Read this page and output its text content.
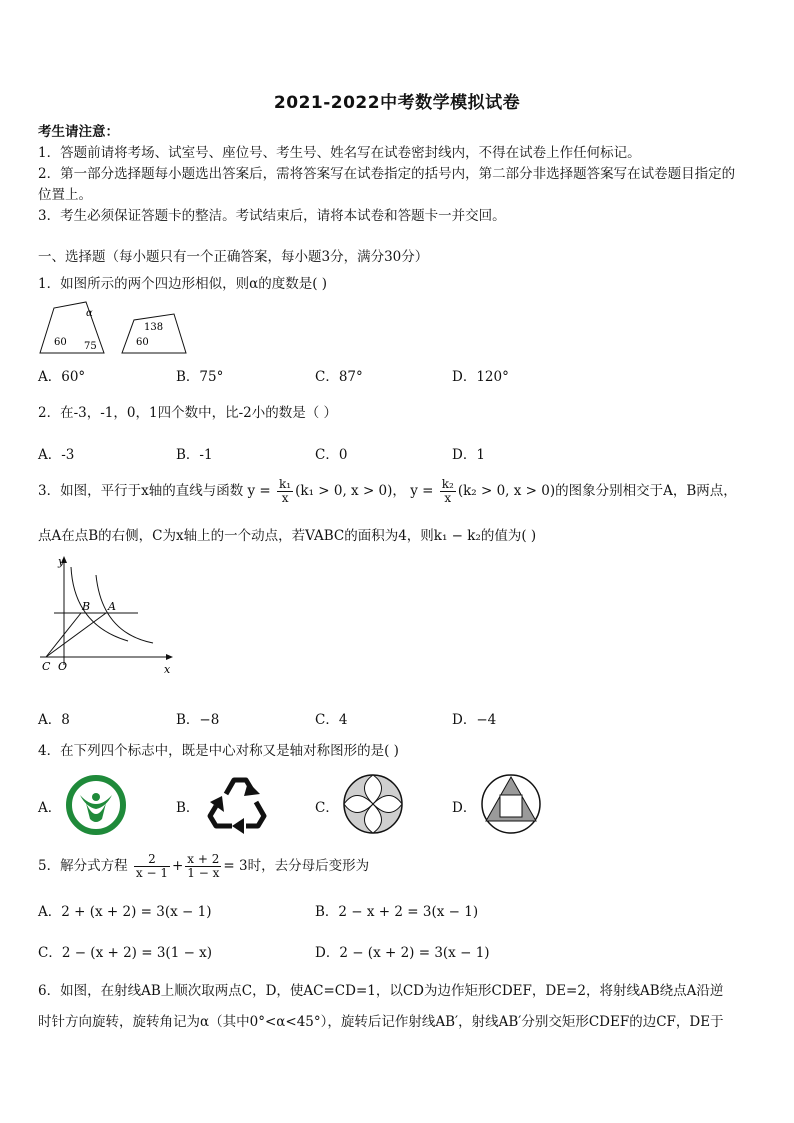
2021-2022中考数学模拟试卷
考生请注意：
1．答题前请将考场、试室号、座位号、考生号、姓名写在试卷密封线内，不得在试卷上作任何标记。
2．第一部分选择题每小题选出答案后，需将答案写在试卷指定的括号内，第二部分非选择题答案写在试卷题目指定的
位置上。
3．考生必须保证答题卡的整洁。考试结束后，请将本试卷和答题卡一并交回。
一、选择题（每小题只有一个正确答案，每小题3分，满分30分）
1．如图所示的两个四边形相似，则α的度数是( )
α
60 75
138
60
A．60°	B．75°	C．87°	D．120°
2．在-3，-1，0，1四个数中，比-2小的数是（ ）
A．-3	B．-1	C．0	D．1
3．如图，平行于x轴的直线与函数 $y = \frac{\text{k₁}}{x} (k_1 > 0$, x > 0)， $y = \frac{\text{k₂}}{x} (k_2 > 0$, x > 0)的图象分别相交于A，B两点，
点A在点B的右侧，C为x轴上的一个动点，若VABC的面积为4，则k₁ − k₂的值为( )
y
B A
C O	x
A．8	B．−8	C．4	D．−4
4．在下列四个标志中，既是中心对称又是轴对称图形的是( )
A．	B．	C．	D．
5．解分式方程 $\frac{2}{x - 1} + \frac{x + 2}{1 - x} = 3$时，去分母后变形为
A．2 + (x + 2) = 3(x − 1)	B．2 − x + 2 = 3(x − 1)
C．2 − (x + 2) = 3(1 − x)	D．2 − (x + 2) = 3(x − 1)
6．如图，在射线AB上顺次取两点C，D，使AC=CD=1，以CD为边作矩形CDEF，DE=2，将射线AB绕点A沿逆
时针方向旋转，旋转角记为α（其中0°<α<45°），旋转后记作射线AB′，射线AB′分别交矩形CDEF的边CF，DE于
